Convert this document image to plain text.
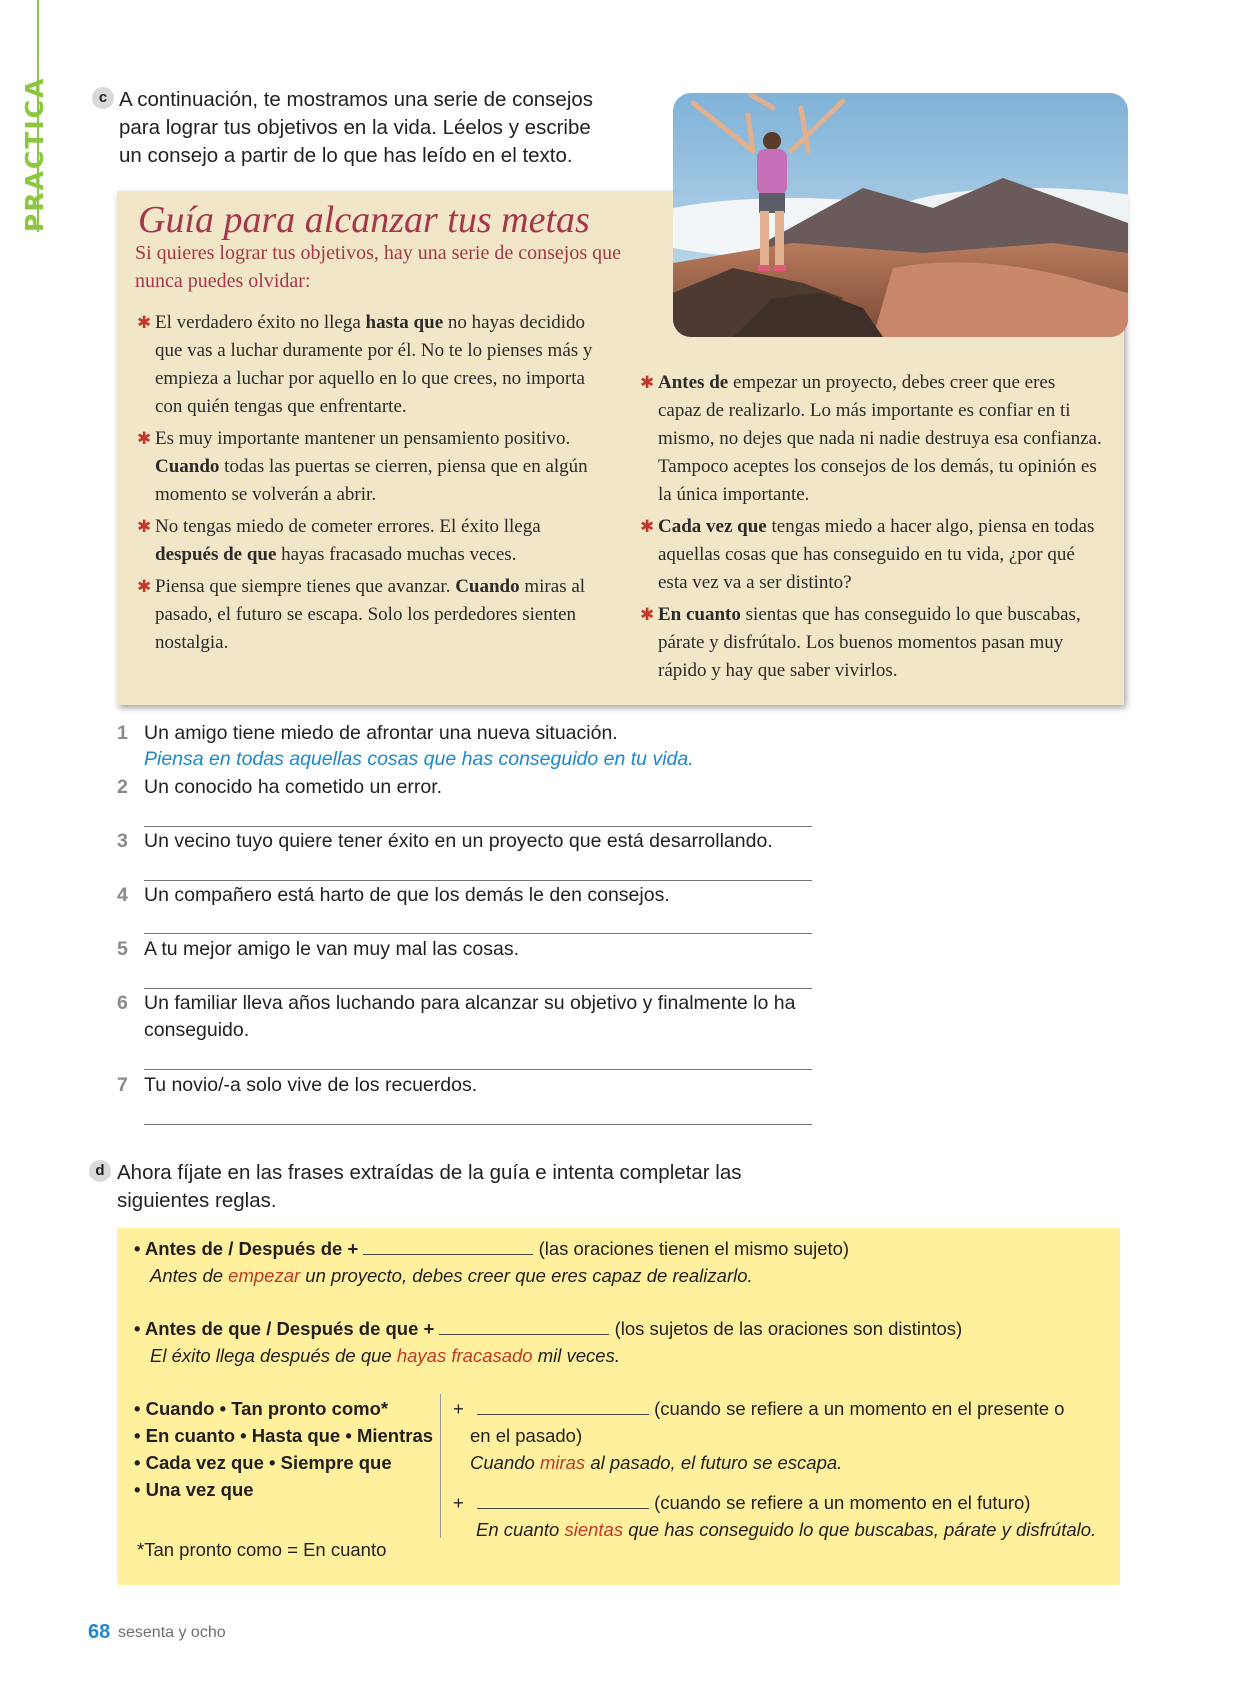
PRACTICA	c A continuación, te mostramos una serie de consejos
para lograr tus objetivos en la vida. Léelos y escribe
un consejo a partir de lo que has leído en el texto.
Guía para alcanzar tus metas
Si quieres lograr tus objetivos, hay una serie de consejos que nunca puedes olvidar:
✱ El verdadero éxito no llega hasta que no hayas decidido que vas a luchar duramente por él. No te lo pienses más y empieza a luchar por aquello en lo que crees, no importa con quién tengas que enfrentarte.
✱ Es muy importante mantener un pensamiento positivo. Cuando todas las puertas se cierren, piensa que en algún momento se volverán a abrir.
✱ No tengas miedo de cometer errores. El éxito llega después de que hayas fracasado muchas veces.
✱ Piensa que siempre tienes que avanzar. Cuando miras al pasado, el futuro se escapa. Solo los perdedores sienten nostalgia.
✱ Antes de empezar un proyecto, debes creer que eres capaz de realizarlo. Lo más importante es confiar en ti mismo, no dejes que nada ni nadie destruya esa confianza. Tampoco aceptes los consejos de los demás, tu opinión es la única importante.
✱ Cada vez que tengas miedo a hacer algo, piensa en todas aquellas cosas que has conseguido en tu vida, ¿por qué esta vez va a ser distinto?
✱ En cuanto sientas que has conseguido lo que buscabas, párate y disfrútalo. Los buenos momentos pasan muy rápido y hay que saber vivirlos.
1 Un amigo tiene miedo de afrontar una nueva situación.
Piensa en todas aquellas cosas que has conseguido en tu vida.
2 Un conocido ha cometido un error.
3 Un vecino tuyo quiere tener éxito en un proyecto que está desarrollando.
4 Un compañero está harto de que los demás le den consejos.
5 A tu mejor amigo le van muy mal las cosas.
6 Un familiar lleva años luchando para alcanzar su objetivo y finalmente lo ha conseguido.
7 Tu novio/-a solo vive de los recuerdos.
d Ahora fíjate en las frases extraídas de la guía e intenta completar las
siguientes reglas.
• Antes de / Después de +	(las oraciones tienen el mismo sujeto)
Antes de empezar un proyecto, debes creer que eres capaz de realizarlo.
• Antes de que / Después de que +	(los sujetos de las oraciones son distintos)
El éxito llega después de que hayas fracasado mil veces.
• Cuando • Tan pronto como*
• En cuanto • Hasta que • Mientras
• Cada vez que • Siempre que
• Una vez que
*Tan pronto como = En cuanto
+	(cuando se refiere a un momento en el presente o
en el pasado)
Cuando miras al pasado, el futuro se escapa.
+	(cuando se refiere a un momento en el futuro)
En cuanto sientas que has conseguido lo que buscabas, párate y disfrútalo.
68 sesenta y ocho
